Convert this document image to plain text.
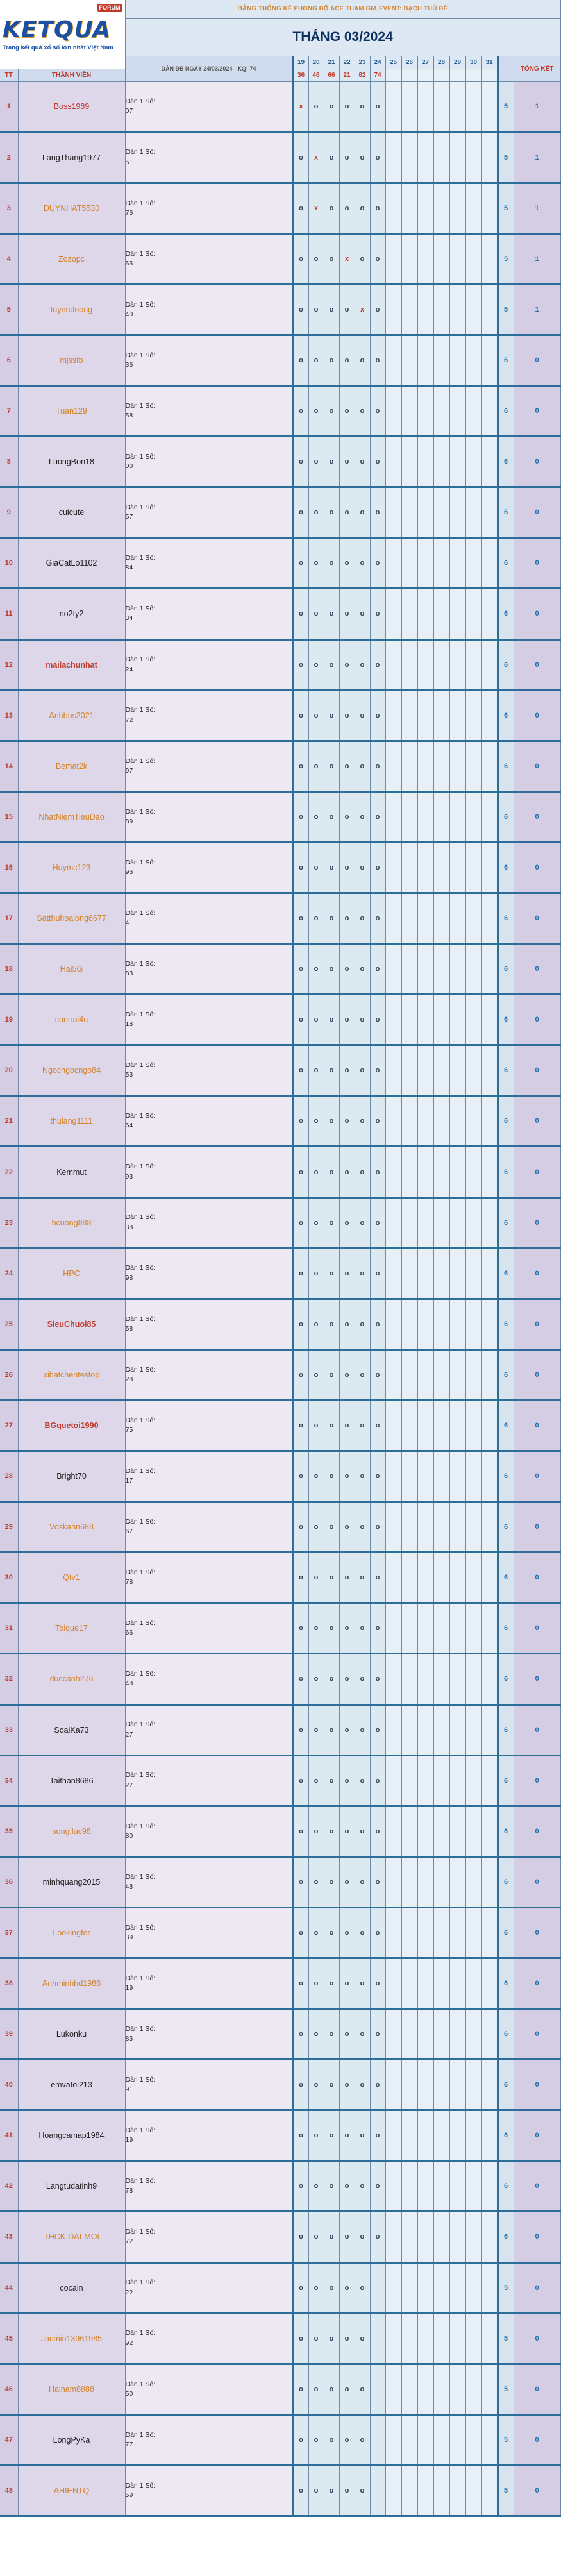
KETQUA
FORUM
Trang kết quả xổ số lớn nhất Việt Nam		BẢNG THỐNG KÊ PHONG ĐỘ ACE THAM GIA EVENT: BẠCH THỦ ĐỀ															
		THÁNG 03/2024															
		DÀN ĐB NGÀY 24/03/2024 - KQ: 74	19	20	21	22	23	24	25	26	27	28	29	30	31		TỔNG KẾT
TT	THÀNH VIÊN		36	46	66	21	82	74									

1	Boss1989	Dàn 1 Số:
07	x	o	o	o	o	o								5	1
2	LangThang1977	Dàn 1 Số:
51	o	x	o	o	o	o								5	1
3	DUYNHAT5530	Dàn 1 Số:
76	o	x	o	o	o	o								5	1
4	Zozopc	Dàn 1 Số:
65	o	o	o	x	o	o								5	1
5	tuyendoong	Dàn 1 Số:
40	o	o	o	o	x	o								5	1
6	mjsstb	Dàn 1 Số:
36	o	o	o	o	o	o								6	0
7	Tuan129	Dàn 1 Số:
58	o	o	o	o	o	o								6	0
8	LuongBon18	Dàn 1 Số:
00	o	o	o	o	o	o								6	0
9	cuicute	Dàn 1 Số:
57	o	o	o	o	o	o								6	0
10	GiaCatLo1102	Dàn 1 Số:
84	o	o	o	o	o	o								6	0
11	no2ty2	Dàn 1 Số:
34	o	o	o	o	o	o								6	0
12	mailachunhat	Dàn 1 Số:
24	o	o	o	o	o	o								6	0
13	Anhbus2021	Dàn 1 Số:
72	o	o	o	o	o	o								6	0
14	Bemat2k	Dàn 1 Số:
97	o	o	o	o	o	o								6	0
15	NhatNiemTieuDao	Dàn 1 Số:
89	o	o	o	o	o	o								6	0
16	Huymc123	Dàn 1 Số:
96	o	o	o	o	o	o								6	0
17	Satthuhoalong6677	Dàn 1 Số:
4	o	o	o	o	o	o								6	0
18	Hai5G	Dàn 1 Số:
83	o	o	o	o	o	o								6	0
19	contrai4u	Dàn 1 Số:
18	o	o	o	o	o	o								6	0
20	Ngocngocngo84	Dàn 1 Số:
53	o	o	o	o	o	o								6	0
21	thulang1111	Dàn 1 Số:
64	o	o	o	o	o	o								6	0
22	Kemmut	Dàn 1 Số:
93	o	o	o	o	o	o								6	0
23	hcuong888	Dàn 1 Số:
38	o	o	o	o	o	o								6	0
24	HPC	Dàn 1 Số:
98	o	o	o	o	o	o								6	0
25	SieuChuoi85	Dàn 1 Số:
58	o	o	o	o	o	o								6	0
26	xibatchentestop	Dàn 1 Số:
28	o	o	o	o	o	o								6	0
27	BGquetoi1990	Dàn 1 Số:
75	o	o	o	o	o	o								6	0
28	Bright70	Dàn 1 Số:
17	o	o	o	o	o	o								6	0
29	Voskahn688	Dàn 1 Số:
67	o	o	o	o	o	o								6	0
30	Qtv1	Dàn 1 Số:
78	o	o	o	o	o	o								6	0
31	Tolque17	Dàn 1 Số:
66	o	o	o	o	o	o								6	0
32	duccanh276	Dàn 1 Số:
48	o	o	o	o	o	o								6	0
33	SoaiKa73	Dàn 1 Số:
27	o	o	o	o	o	o								6	0
34	Taithan8686	Dàn 1 Số:
27	o	o	o	o	o	o								6	0
35	song.luc98	Dàn 1 Số:
80	o	o	o	o	o	o								6	0
36	minhquang2015	Dàn 1 Số:
48	o	o	o	o	o	o								6	0
37	Lookingfor	Dàn 1 Số:
39	o	o	o	o	o	o								6	0
38	Anhminhhd1986	Dàn 1 Số:
19	o	o	o	o	o	o								6	0
39	Lukonku	Dàn 1 Số:
85	o	o	o	o	o	o								6	0
40	emvatoi213	Dàn 1 Số:
91	o	o	o	o	o	o								6	0
41	Hoangcamap1984	Dàn 1 Số:
19	o	o	o	o	o	o								6	0
42	Langtudatinh9	Dàn 1 Số:
78	o	o	o	o	o	o								6	0
43	THCK-DAI-MOI	Dàn 1 Số:
72	o	o	o	o	o	o								6	0
44	cocain	Dàn 1 Số:
22	o	o	o	o	o									5	0
45	Jacmin13961985	Dàn 1 Số:
92	o	o	o	o	o									5	0
46	Hainam8888	Dàn 1 Số:
50	o	o	o	o	o									5	0
47	LongPyKa	Dàn 1 Số:
77	o	o	o	o	o									5	0
48	AHIENTQ	Dàn 1 Số:
59	o	o	o	o	o									5	0
